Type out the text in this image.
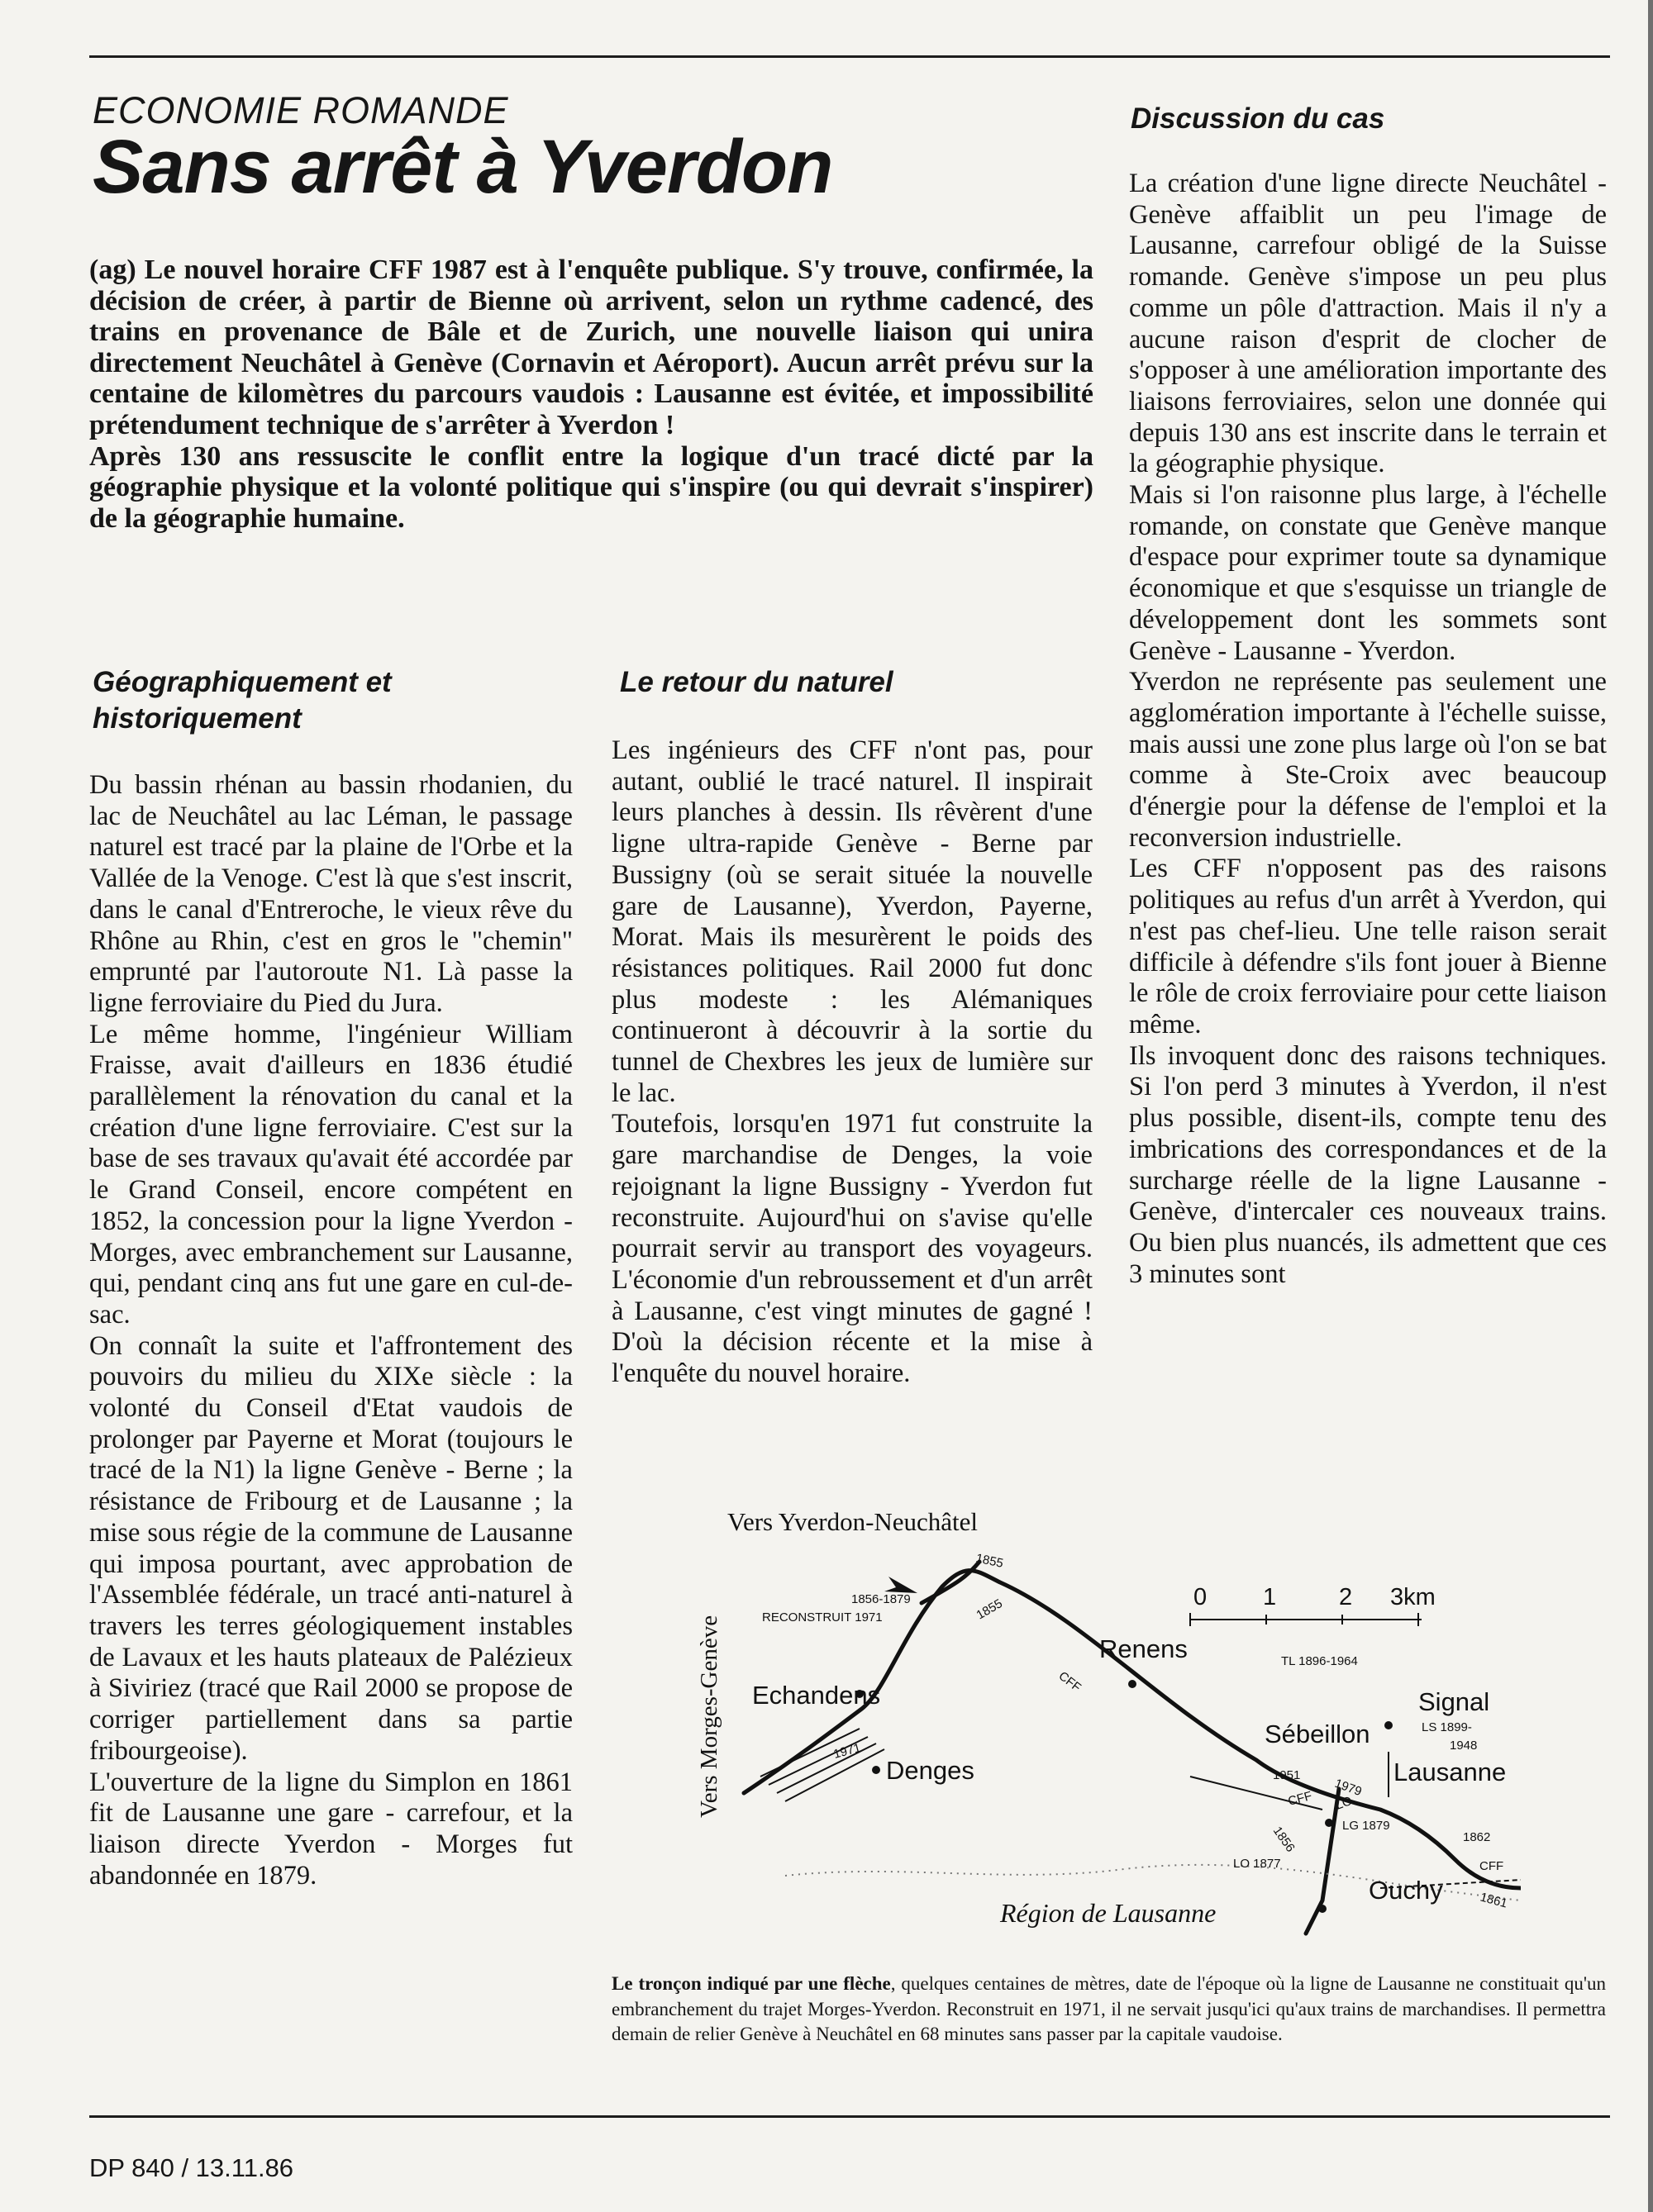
ECONOMIE ROMANDE
Sans arrêt à Yverdon

(ag) Le nouvel horaire CFF 1987 est à l'enquête publique. S'y trouve, confirmée, la décision de créer, à partir de Bienne où arrivent, selon un rythme cadencé, des trains en provenance de Bâle et de Zurich, une nouvelle liaison qui unira directement Neuchâtel à Genève (Cornavin et Aéroport). Aucun arrêt prévu sur la centaine de kilomètres du parcours vaudois : Lausanne est évitée, et impossibilité prétendument technique de s'arrêter à Yverdon !

Après 130 ans ressuscite le conflit entre la logique d'un tracé dicté par la géographie physique et la volonté politique qui s'inspire (ou qui devrait s'inspirer) de la géographie humaine.

Géographiquement et historiquement

Du bassin rhénan au bassin rhodanien, du lac de Neuchâtel au lac Léman, le passage naturel est tracé par la plaine de l'Orbe et la Vallée de la Venoge. C'est là que s'est inscrit, dans le canal d'Entreroche, le vieux rêve du Rhône au Rhin, c'est en gros le "chemin" emprunté par l'autoroute N1. Là passe la ligne ferroviaire du Pied du Jura.

Le même homme, l'ingénieur William Fraisse, avait d'ailleurs en 1836 étudié parallèlement la rénovation du canal et la création d'une ligne ferroviaire. C'est sur la base de ses travaux qu'avait été accordée par le Grand Conseil, encore compétent en 1852, la concession pour la ligne Yverdon - Morges, avec embranchement sur Lausanne, qui, pendant cinq ans fut une gare en cul-de-sac.

On connaît la suite et l'affrontement des pouvoirs du milieu du XIXe siècle : la volonté du Conseil d'Etat vaudois de prolonger par Payerne et Morat (toujours le tracé de la N1) la ligne Genève - Berne ; la résistance de Fribourg et de Lausanne ; la mise sous régie de la commune de Lausanne qui imposa pourtant, avec approbation de l'Assemblée fédérale, un tracé anti-naturel à travers les terres géologiquement instables de Lavaux et les hauts plateaux de Palézieux à Siviriez (tracé que Rail 2000 se propose de corriger partiellement dans sa partie fribourgeoise).

L'ouverture de la ligne du Simplon en 1861 fit de Lausanne une gare - carrefour, et la liaison directe Yverdon - Morges fut abandonnée en 1879.

Le retour du naturel

Les ingénieurs des CFF n'ont pas, pour autant, oublié le tracé naturel. Il inspirait leurs planches à dessin. Ils rêvèrent d'une ligne ultra-rapide Genève - Berne par Bussigny (où se serait située la nouvelle gare de Lausanne), Yverdon, Payerne, Morat. Mais ils mesurèrent le poids des résistances politiques. Rail 2000 fut donc plus modeste : les Alémaniques continueront à découvrir à la sortie du tunnel de Chexbres les jeux de lumière sur le lac.

Toutefois, lorsqu'en 1971 fut construite la gare marchandise de Denges, la voie rejoignant la ligne Bussigny - Yverdon fut reconstruite. Aujourd'hui on s'avise qu'elle pourrait servir au transport des voyageurs. L'économie d'un rebroussement et d'un arrêt à Lausanne, c'est vingt minutes de gagné ! D'où la décision récente et la mise à l'enquête du nouvel horaire.

Discussion du cas

La création d'une ligne directe Neuchâtel - Genève affaiblit un peu l'image de Lausanne, carrefour obligé de la Suisse romande. Genève s'impose un peu plus comme un pôle d'attraction. Mais il n'y a aucune raison d'esprit de clocher de s'opposer à une amélioration importante des liaisons ferroviaires, selon une donnée qui depuis 130 ans est inscrite dans le terrain et la géographie physique.

Mais si l'on raisonne plus large, à l'échelle romande, on constate que Genève manque d'espace pour exprimer toute sa dynamique économique et que s'esquisse un triangle de développement dont les sommets sont Genève - Lausanne - Yverdon.

Yverdon ne représente pas seulement une agglomération importante à l'échelle suisse, mais aussi une zone plus large où l'on se bat comme à Ste-Croix avec beaucoup d'énergie pour la défense de l'emploi et la reconversion industrielle.

Les CFF n'opposent pas des raisons politiques au refus d'un arrêt à Yverdon, qui n'est pas chef-lieu. Une telle raison serait difficile à défendre s'ils font jouer à Bienne le rôle de croix ferroviaire pour cette liaison même.

Ils invoquent donc des raisons techniques. Si l'on perd 3 minutes à Yverdon, il n'est plus possible, disent-ils, compte tenu des imbrications des correspondances et de la surcharge réelle de la ligne Lausanne - Genève, d'intercaler ces nouveaux trains. Ou bien plus nuancés, ils admettent que ces 3 minutes sont

Vers Yverdon-Neuchâtel
Vers Morges-Genève
0 1	2 3km
Renens
Echandens
Denges
Sébeillon
Signal
Lausanne
Ouchy
Région de Lausanne
1855
1855
1856-1879
RECONSTRUIT 1971
1971
CFF
CFF
CFF
TL 1896-1964
LS 1899-
1948
1951
1979
LO
1856	LG 1879
LO 1877
1862
1861
Le tronçon indiqué par une flèche, quelques centaines de mètres, date de l'époque où la ligne de Lausanne ne constituait qu'un embranchement du trajet Morges-Yverdon. Reconstruit en 1971, il ne servait jusqu'ici qu'aux trains de marchandises. Il permettra demain de relier Genève à Neuchâtel en 68 minutes sans passer par la capitale vaudoise.
DP 840 / 13.11.86
